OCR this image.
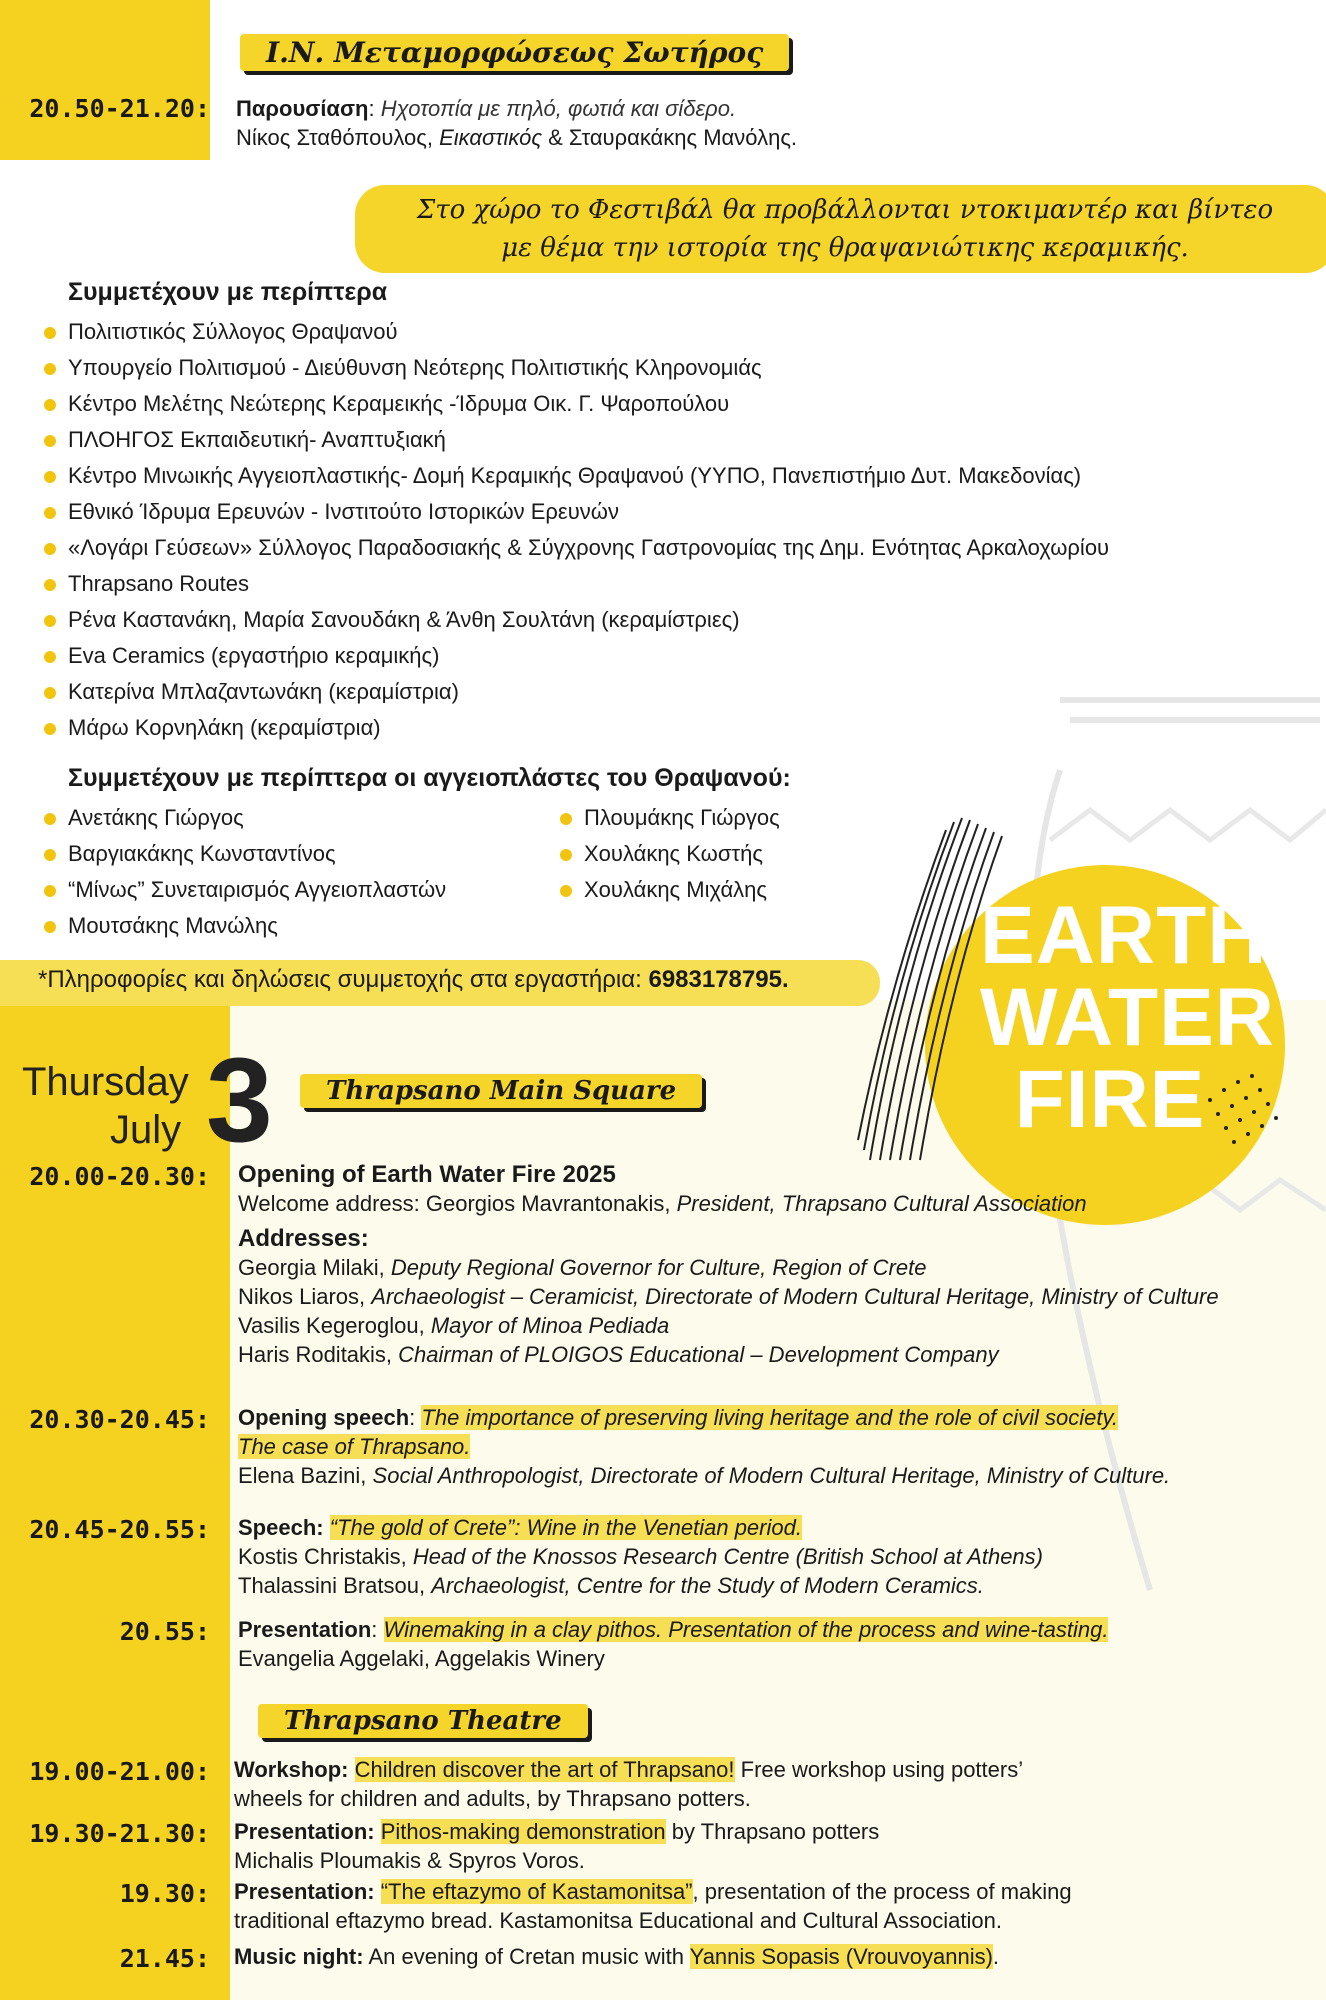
Ι.Ν. Μεταμορφώσεως Σωτήρος
20.50-21.20: Παρουσίαση: Ηχοτοπία με πηλό, φωτιά και σίδερο.
Νίκος Σταθόπουλος, Εικαστικός & Σταυρακάκης Μανόλης.
Στο χώρο το Φεστιβάλ θα προβάλλονται ντοκιμαντέρ και βίντεο
με θέμα την ιστορία της θραψανιώτικης κεραμικής.
Συμμετέχουν με περίπτερα
Πολιτιστικός Σύλλογος Θραψανού
Υπουργείο Πολιτισμού - Διεύθυνση Νεότερης Πολιτιστικής Κληρονομιάς
Κέντρο Μελέτης Νεώτερης Κεραμεικής -Ίδρυμα Οικ. Γ. Ψαροπούλου
ΠΛΟΗΓΟΣ Εκπαιδευτική- Αναπτυξιακή
Κέντρο Μινωικής Αγγειοπλαστικής- Δομή Κεραμικής Θραψανού (ΥΥΠΟ, Πανεπιστήμιο Δυτ. Μακεδονίας)
Εθνικό Ίδρυμα Ερευνών - Ινστιτούτο Ιστορικών Ερευνών
«Λογάρι Γεύσεων» Σύλλογος Παραδοσιακής & Σύγχρονης Γαστρονομίας της Δημ. Ενότητας Αρκαλοχωρίου
Thrapsano Routes
Ρένα Καστανάκη, Μαρία Σανουδάκη & Άνθη Σουλτάνη (κεραμίστριες)
Eva Ceramics (εργαστήριο κεραμικής)
Κατερίνα Μπλαζαντωνάκη (κεραμίστρια)
Μάρω Κορνηλάκη (κεραμίστρια)
Συμμετέχουν με περίπτερα οι αγγειοπλάστες του Θραψανού:
Ανετάκης Γιώργος
Βαργιακάκης Κωνσταντίνος
“Μίνως” Συνεταιρισμός Αγγειοπλαστών
Μουτσάκης Μανώλης
Πλουμάκης Γιώργος
Χουλάκης Κωστής
Χουλάκης Μιχάλης
*Πληροφορίες και δηλώσεις συμμετοχής στα εργαστήρια: 6983178795. EARTH
WATER
FIRE
Thursday
July 3	Thrapsano Main Square
20.00-20.30: Opening of Earth Water Fire 2025
Welcome address: Georgios Mavrantonakis, President, Thrapsano Cultural Association
Addresses:
Georgia Milaki, Deputy Regional Governor for Culture, Region of Crete
Nikos Liaros, Archaeologist – Ceramicist, Directorate of Modern Cultural Heritage, Ministry of Culture
Vasilis Kegeroglou, Mayor of Minoa Pediada
Haris Roditakis, Chairman of PLOIGOS Educational – Development Company
20.30-20.45: Opening speech: The importance of preserving living heritage and the role of civil society.
The case of Thrapsano.
Elena Bazini, Social Anthropologist, Directorate of Modern Cultural Heritage, Ministry of Culture.
20.45-20.55: Speech: “The gold of Crete”: Wine in the Venetian period.
Kostis Christakis, Head of the Knossos Research Centre (British School at Athens)
Thalassini Bratsou, Archaeologist, Centre for the Study of Modern Ceramics.
20.55: Presentation: Winemaking in a clay pithos. Presentation of the process and wine-tasting.
Evangelia Aggelaki, Aggelakis Winery
Thrapsano Theatre
19.00-21.00: Workshop: Children discover the art of Thrapsano! Free workshop using potters’
wheels for children and adults, by Thrapsano potters.
19.30-21.30: Presentation: Pithos-making demonstration by Thrapsano potters
Michalis Ploumakis & Spyros Voros.
19.30: Presentation: “The eftazymo of Kastamonitsa”, presentation of the process of making
traditional eftazymo bread. Kastamonitsa Educational and Cultural Association.
21.45: Music night: An evening of Cretan music with Yannis Sopasis (Vrouvoyannis).
